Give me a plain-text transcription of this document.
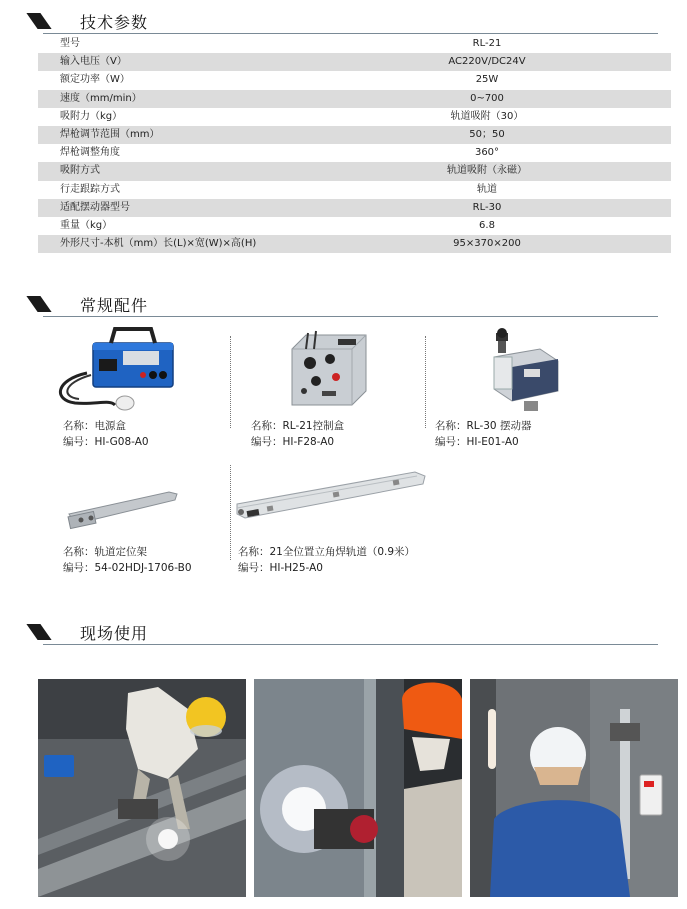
技术参数
型号	RL-21
输入电压（V）	AC220V/DC24V
额定功率（W）	25W
速度（mm/min）	0~700
吸附力（kg）	轨道吸附（30）
焊枪调节范围（mm）	50；50
焊枪调整角度	360°
吸附方式	轨道吸附（永磁）
行走跟踪方式	轨道
适配摆动器型号	RL-30
重量（kg）	6.8
外形尺寸-本机（mm）长(L)×宽(W)×高(H)	95×370×200
常规配件
名称：电源盒
编号：HI-G08-A0
名称：RL-21控制盒
编号：HI-F28-A0
名称：RL-30 摆动器
编号：HI-E01-A0
名称：轨道定位架
编号：54-02HDJ-1706-B0
名称：21全位置立角焊轨道（0.9米）
编号：HI-H25-A0
现场使用
